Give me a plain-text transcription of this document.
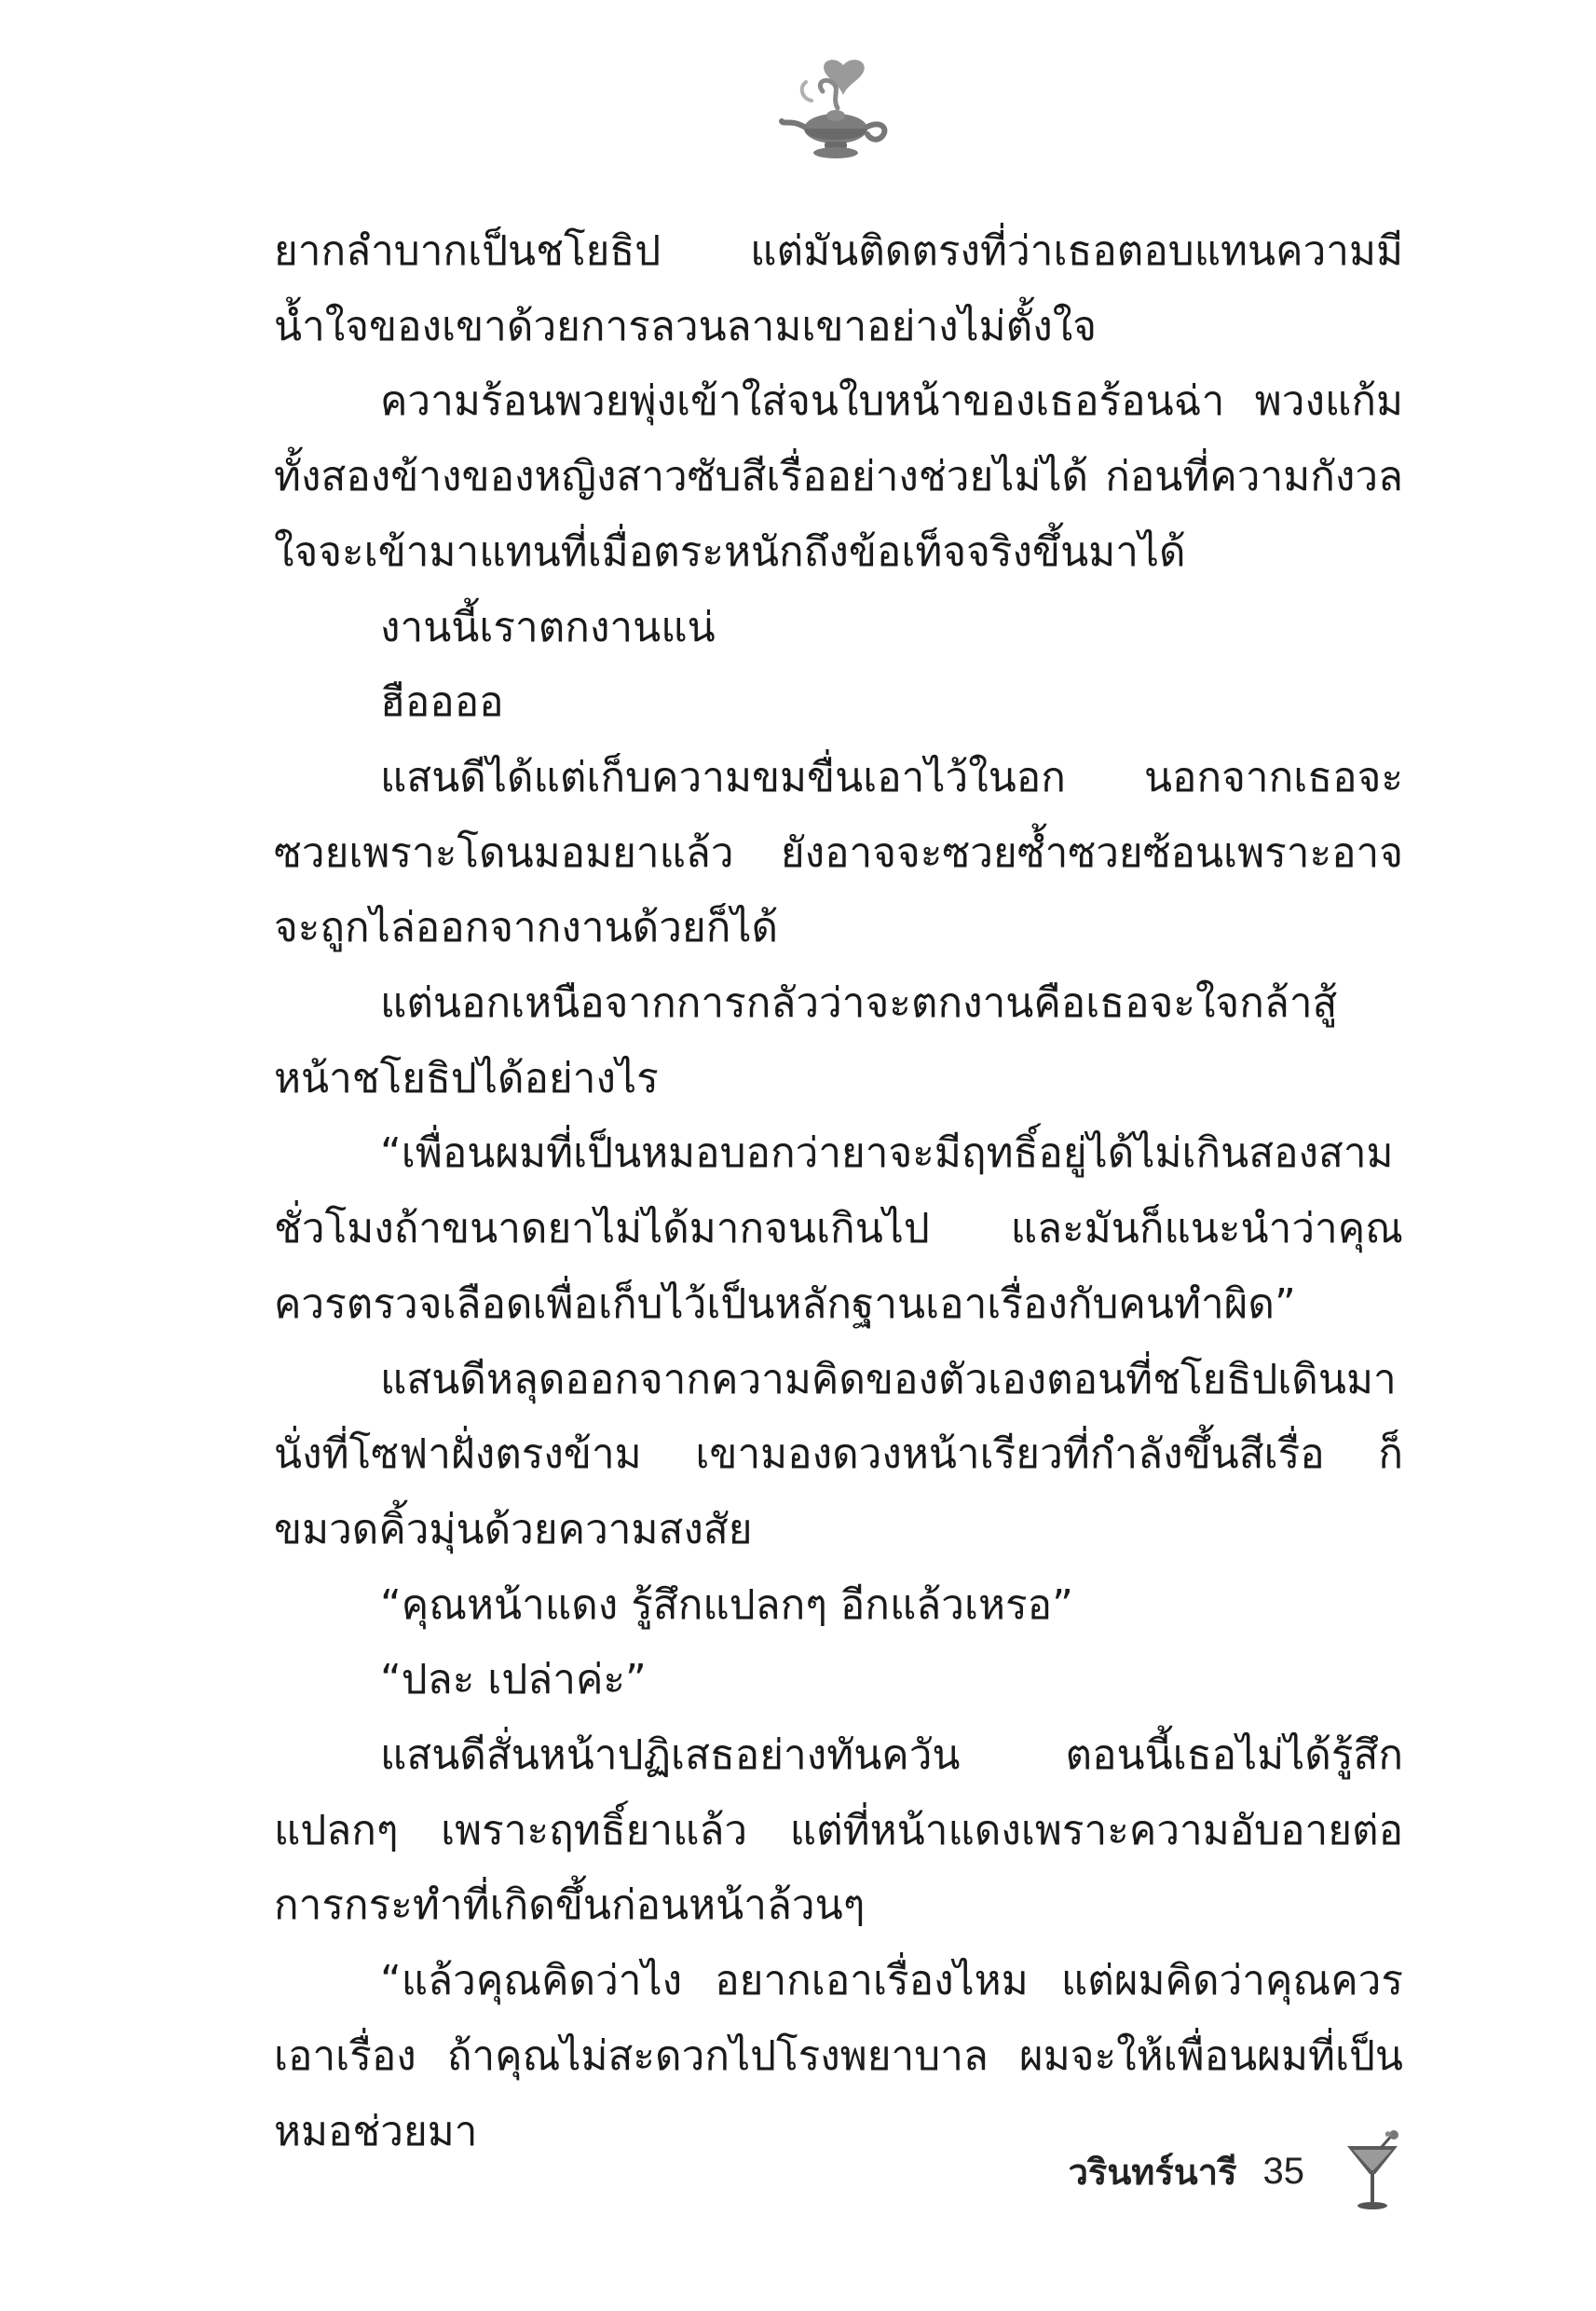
ยากลำบากเป็นชโยธิป แต่มันติดตรงที่ว่าเธอตอบแทนความมีน้ำใจของเขาด้วยการลวนลามเขาอย่างไม่ตั้งใจ

ความร้อนพวยพุ่งเข้าใส่จนใบหน้าของเธอร้อนฉ่า พวงแก้มทั้งสองข้างของหญิงสาวซับสีเรื่ออย่างช่วยไม่ได้ ก่อนที่ความกังวลใจจะเข้ามาแทนที่เมื่อตระหนักถึงข้อเท็จจริงขึ้นมาได้

งานนี้เราตกงานแน่

ฮืออออ

แสนดีได้แต่เก็บความขมขื่นเอาไว้ในอก นอกจากเธอจะซวยเพราะโดนมอมยาแล้ว ยังอาจจะซวยซ้ำซวยซ้อนเพราะอาจจะถูกไล่ออกจากงานด้วยก็ได้

แต่นอกเหนือจากการกลัวว่าจะตกงานคือเธอจะใจกล้าสู้หน้าชโยธิปได้อย่างไร

“เพื่อนผมที่เป็นหมอบอกว่ายาจะมีฤทธิ์อยู่ได้ไม่เกินสองสามชั่วโมงถ้าขนาดยาไม่ได้มากจนเกินไป และมันก็แนะนำว่าคุณควรตรวจเลือดเพื่อเก็บไว้เป็นหลักฐานเอาเรื่องกับคนทำผิด”

แสนดีหลุดออกจากความคิดของตัวเองตอนที่ชโยธิปเดินมานั่งที่โซฟาฝั่งตรงข้าม เขามองดวงหน้าเรียวที่กำลังขึ้นสีเรื่อ ก็ขมวดคิ้วมุ่นด้วยความสงสัย

“คุณหน้าแดง รู้สึกแปลกๆ อีกแล้วเหรอ”

“ปละ เปล่าค่ะ”

แสนดีสั่นหน้าปฏิเสธอย่างทันควัน ตอนนี้เธอไม่ได้รู้สึกแปลกๆ เพราะฤทธิ์ยาแล้ว แต่ที่หน้าแดงเพราะความอับอายต่อการกระทำที่เกิดขึ้นก่อนหน้าล้วนๆ

“แล้วคุณคิดว่าไง อยากเอาเรื่องไหม แต่ผมคิดว่าคุณควรเอาเรื่อง ถ้าคุณไม่สะดวกไปโรงพยาบาล ผมจะให้เพื่อนผมที่เป็นหมอช่วยมา

วรินทร์นารี 35
